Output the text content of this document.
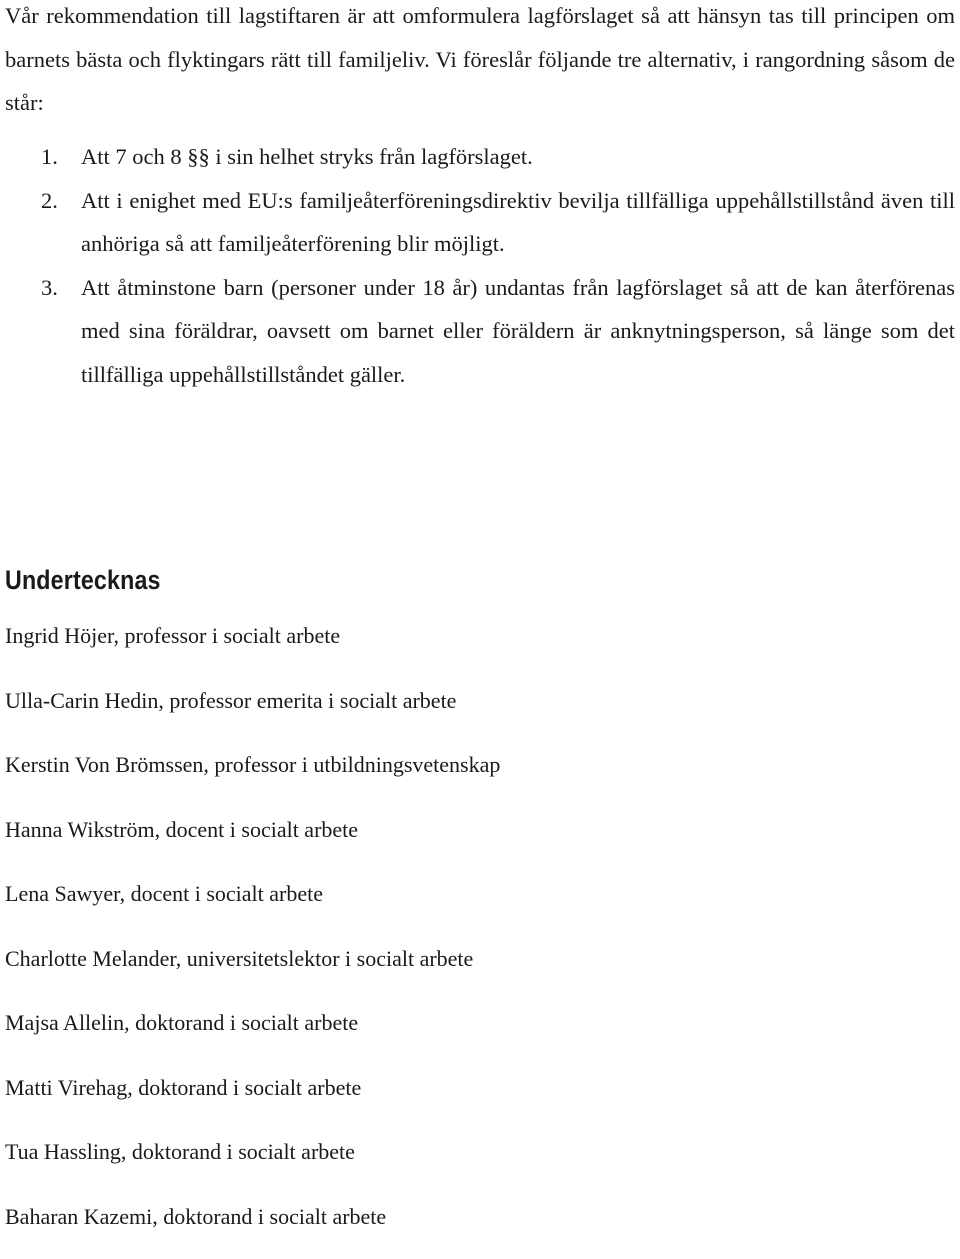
Vår rekommendation till lagstiftaren är att omformulera lagförslaget så att hänsyn tas till principen om barnets bästa och flyktingars rätt till familjeliv. Vi föreslår följande tre alternativ, i rangordning såsom de står:

1. Att 7 och 8 §§ i sin helhet stryks från lagförslaget.
2. Att i enighet med EU:s familjeåterföreningsdirektiv bevilja tillfälliga uppehållstillstånd även till anhöriga så att familjeåterförening blir möjligt.
3. Att åtminstone barn (personer under 18 år) undantas från lagförslaget så att de kan återförenas med sina föräldrar, oavsett om barnet eller föräldern är anknytningsperson, så länge som det tillfälliga uppehållstillståndet gäller.
Undertecknas
Ingrid Höjer, professor i socialt arbete
Ulla-Carin Hedin, professor emerita i socialt arbete
Kerstin Von Brömssen, professor i utbildningsvetenskap
Hanna Wikström, docent i socialt arbete
Lena Sawyer, docent i socialt arbete
Charlotte Melander, universitetslektor i socialt arbete
Majsa Allelin, doktorand i socialt arbete
Matti Virehag, doktorand i socialt arbete
Tua Hassling, doktorand i socialt arbete
Baharan Kazemi, doktorand i socialt arbete
